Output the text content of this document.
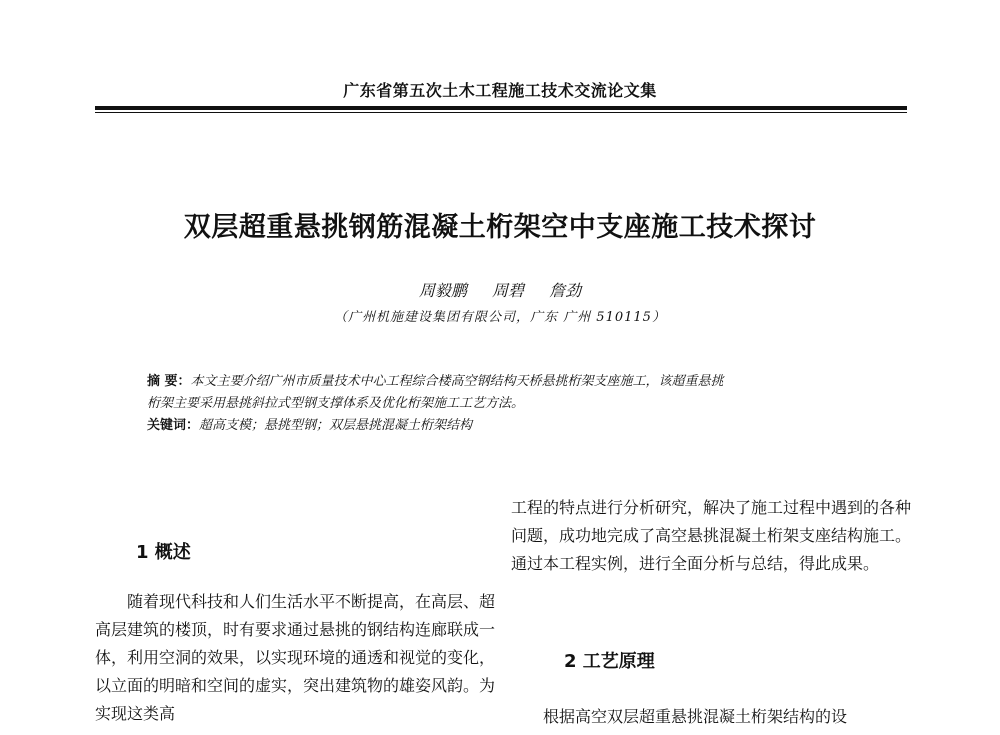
广东省第五次土木工程施工技术交流论文集
双层超重悬挑钢筋混凝土桁架空中支座施工技术探讨
周毅鹏 周碧 詹劲
（广州机施建设集团有限公司，广东 广州 510115）
摘 要：本文主要介绍广州市质量技术中心工程综合楼高空钢结构天桥悬挑桁架支座施工，该超重悬挑
桁架主要采用悬挑斜拉式型钢支撑体系及优化桁架施工工艺方法。
关键词：超高支模；悬挑型钢；双层悬挑混凝土桁架结构
1 概述

随着现代科技和人们生活水平不断提高，在高层、超高层建筑的楼顶，时有要求通过悬挑的钢结构连廊联成一体，利用空洞的效果，以实现环境的通透和视觉的变化，以立面的明暗和空间的虚实，突出建筑物的雄姿风韵。为实现这类高

工程的特点进行分析研究，解决了施工过程中遇到的各种问题，成功地完成了高空悬挑混凝土桁架支座结构施工。通过本工程实例，进行全面分析与总结，得此成果。

2 工艺原理

根据高空双层超重悬挑混凝土桁架结构的设
